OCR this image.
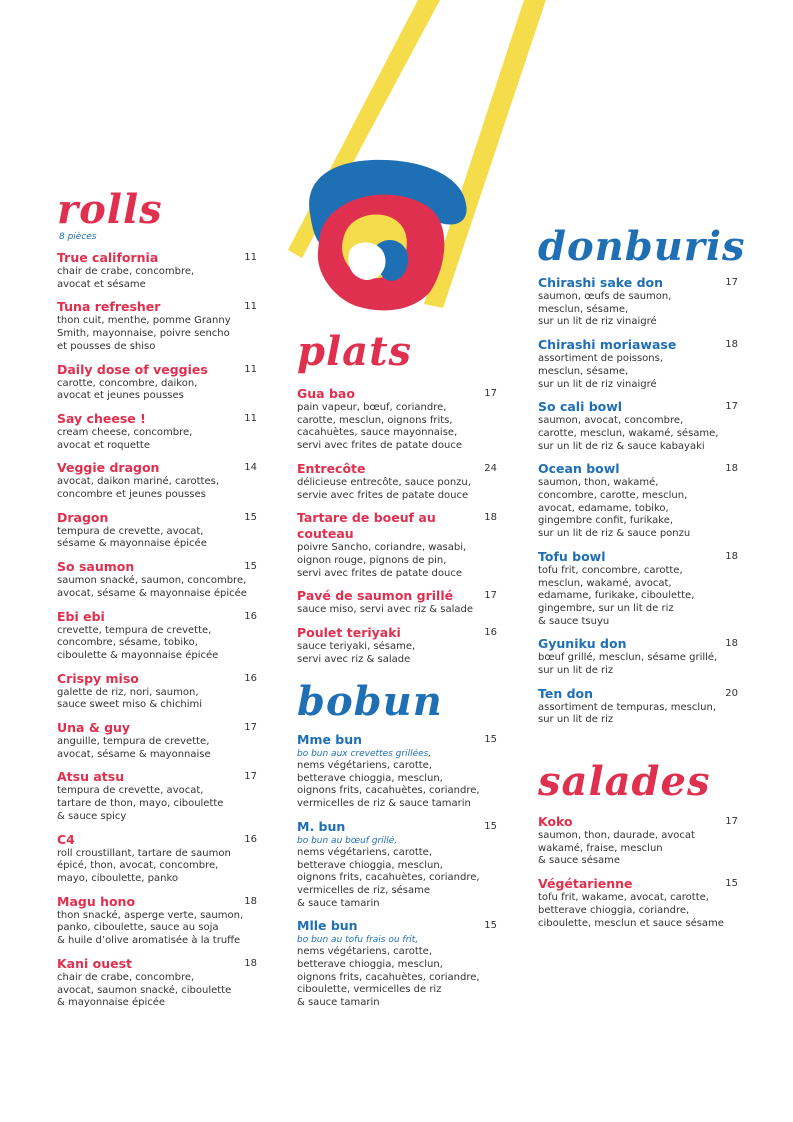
rolls
8 pièces
True california	11
chair de crabe, concombre,
avocat et sésame
Tuna refresher	11
thon cuit, menthe, pomme Granny
Smith, mayonnaise, poivre sencho
et pousses de shiso
Daily dose of veggies	11
carotte, concombre, daikon,
avocat et jeunes pousses
Say cheese !	11
cream cheese, concombre,
avocat et roquette
Veggie dragon	14
avocat, daikon mariné, carottes,
concombre et jeunes pousses
Dragon	15
tempura de crevette, avocat,
sésame & mayonnaise épicée
So saumon	15
saumon snacké, saumon, concombre,
avocat, sésame & mayonnaise épicée
Ebi ebi	16
crevette, tempura de crevette,
concombre, sésame, tobiko,
ciboulette & mayonnaise épicée
Crispy miso	16
galette de riz, nori, saumon,
sauce sweet miso & chichimi
Una & guy	17
anguille, tempura de crevette,
avocat, sésame & mayonnaise
Atsu atsu	17
tempura de crevette, avocat,
tartare de thon, mayo, ciboulette
& sauce spicy
C4	16
roll croustillant, tartare de saumon
épicé, thon, avocat, concombre,
mayo, ciboulette, panko
Magu hono	18
thon snacké, asperge verte, saumon,
panko, ciboulette, sauce au soja
& huile d’olive aromatisée à la truffe
Kani ouest	18
chair de crabe, concombre,
avocat, saumon snacké, ciboulette
& mayonnaise épicée
plats
Gua bao	17
pain vapeur, bœuf, coriandre,
carotte, mesclun, oignons frits,
cacahuètes, sauce mayonnaise,
servi avec frites de patate douce
Entrecôte	24
délicieuse entrecôte, sauce ponzu,
servie avec frites de patate douce
Tartare de boeuf au couteau
18
poivre Sancho, coriandre, wasabi,
oignon rouge, pignons de pin,
servi avec frites de patate douce
Pavé de saumon grillé	17
sauce miso, servi avec riz & salade
Poulet teriyaki	16
sauce teriyaki, sésame,
servi avec riz & salade
bobun
Mme bun	15
bo bun aux crevettes grillées,
nems végétariens, carotte,
betterave chioggia, mesclun,
oignons frits, cacahuètes, coriandre,
vermicelles de riz & sauce tamarin
M. bun	15
bo bun au bœuf grillé,
nems végétariens, carotte,
betterave chioggia, mesclun,
oignons frits, cacahuètes, coriandre,
vermicelles de riz, sésame
& sauce tamarin
Mlle bun	15
bo bun au tofu frais ou frit,
nems végétariens, carotte,
betterave chioggia, mesclun,
oignons frits, cacahuètes, coriandre,
ciboulette, vermicelles de riz
& sauce tamarin
donburis
Chirashi sake don	17
saumon, œufs de saumon,
mesclun, sésame,
sur un lit de riz vinaigré
Chirashi moriawase	18
assortiment de poissons,
mesclun, sésame,
sur un lit de riz vinaigré
So cali bowl	17
saumon, avocat, concombre,
carotte, mesclun, wakamé, sésame,
sur un lit de riz & sauce kabayaki
Ocean bowl	18
saumon, thon, wakamé,
concombre, carotte, mesclun,
avocat, edamame, tobiko,
gingembre confit, furikake,
sur un lit de riz & sauce ponzu
Tofu bowl	18
tofu frit, concombre, carotte,
mesclun, wakamé, avocat,
edamame, furikake, ciboulette,
gingembre, sur un lit de riz
& sauce tsuyu
Gyuniku don	18
bœuf grillé, mesclun, sésame grillé,
sur un lit de riz
Ten don	20
assortiment de tempuras, mesclun,
sur un lit de riz
salades
Koko	17
saumon, thon, daurade, avocat
wakamé, fraise, mesclun
& sauce sésame
Végétarienne	15
tofu frit, wakame, avocat, carotte,
betterave chioggia, coriandre,
ciboulette, mesclun et sauce sésame
